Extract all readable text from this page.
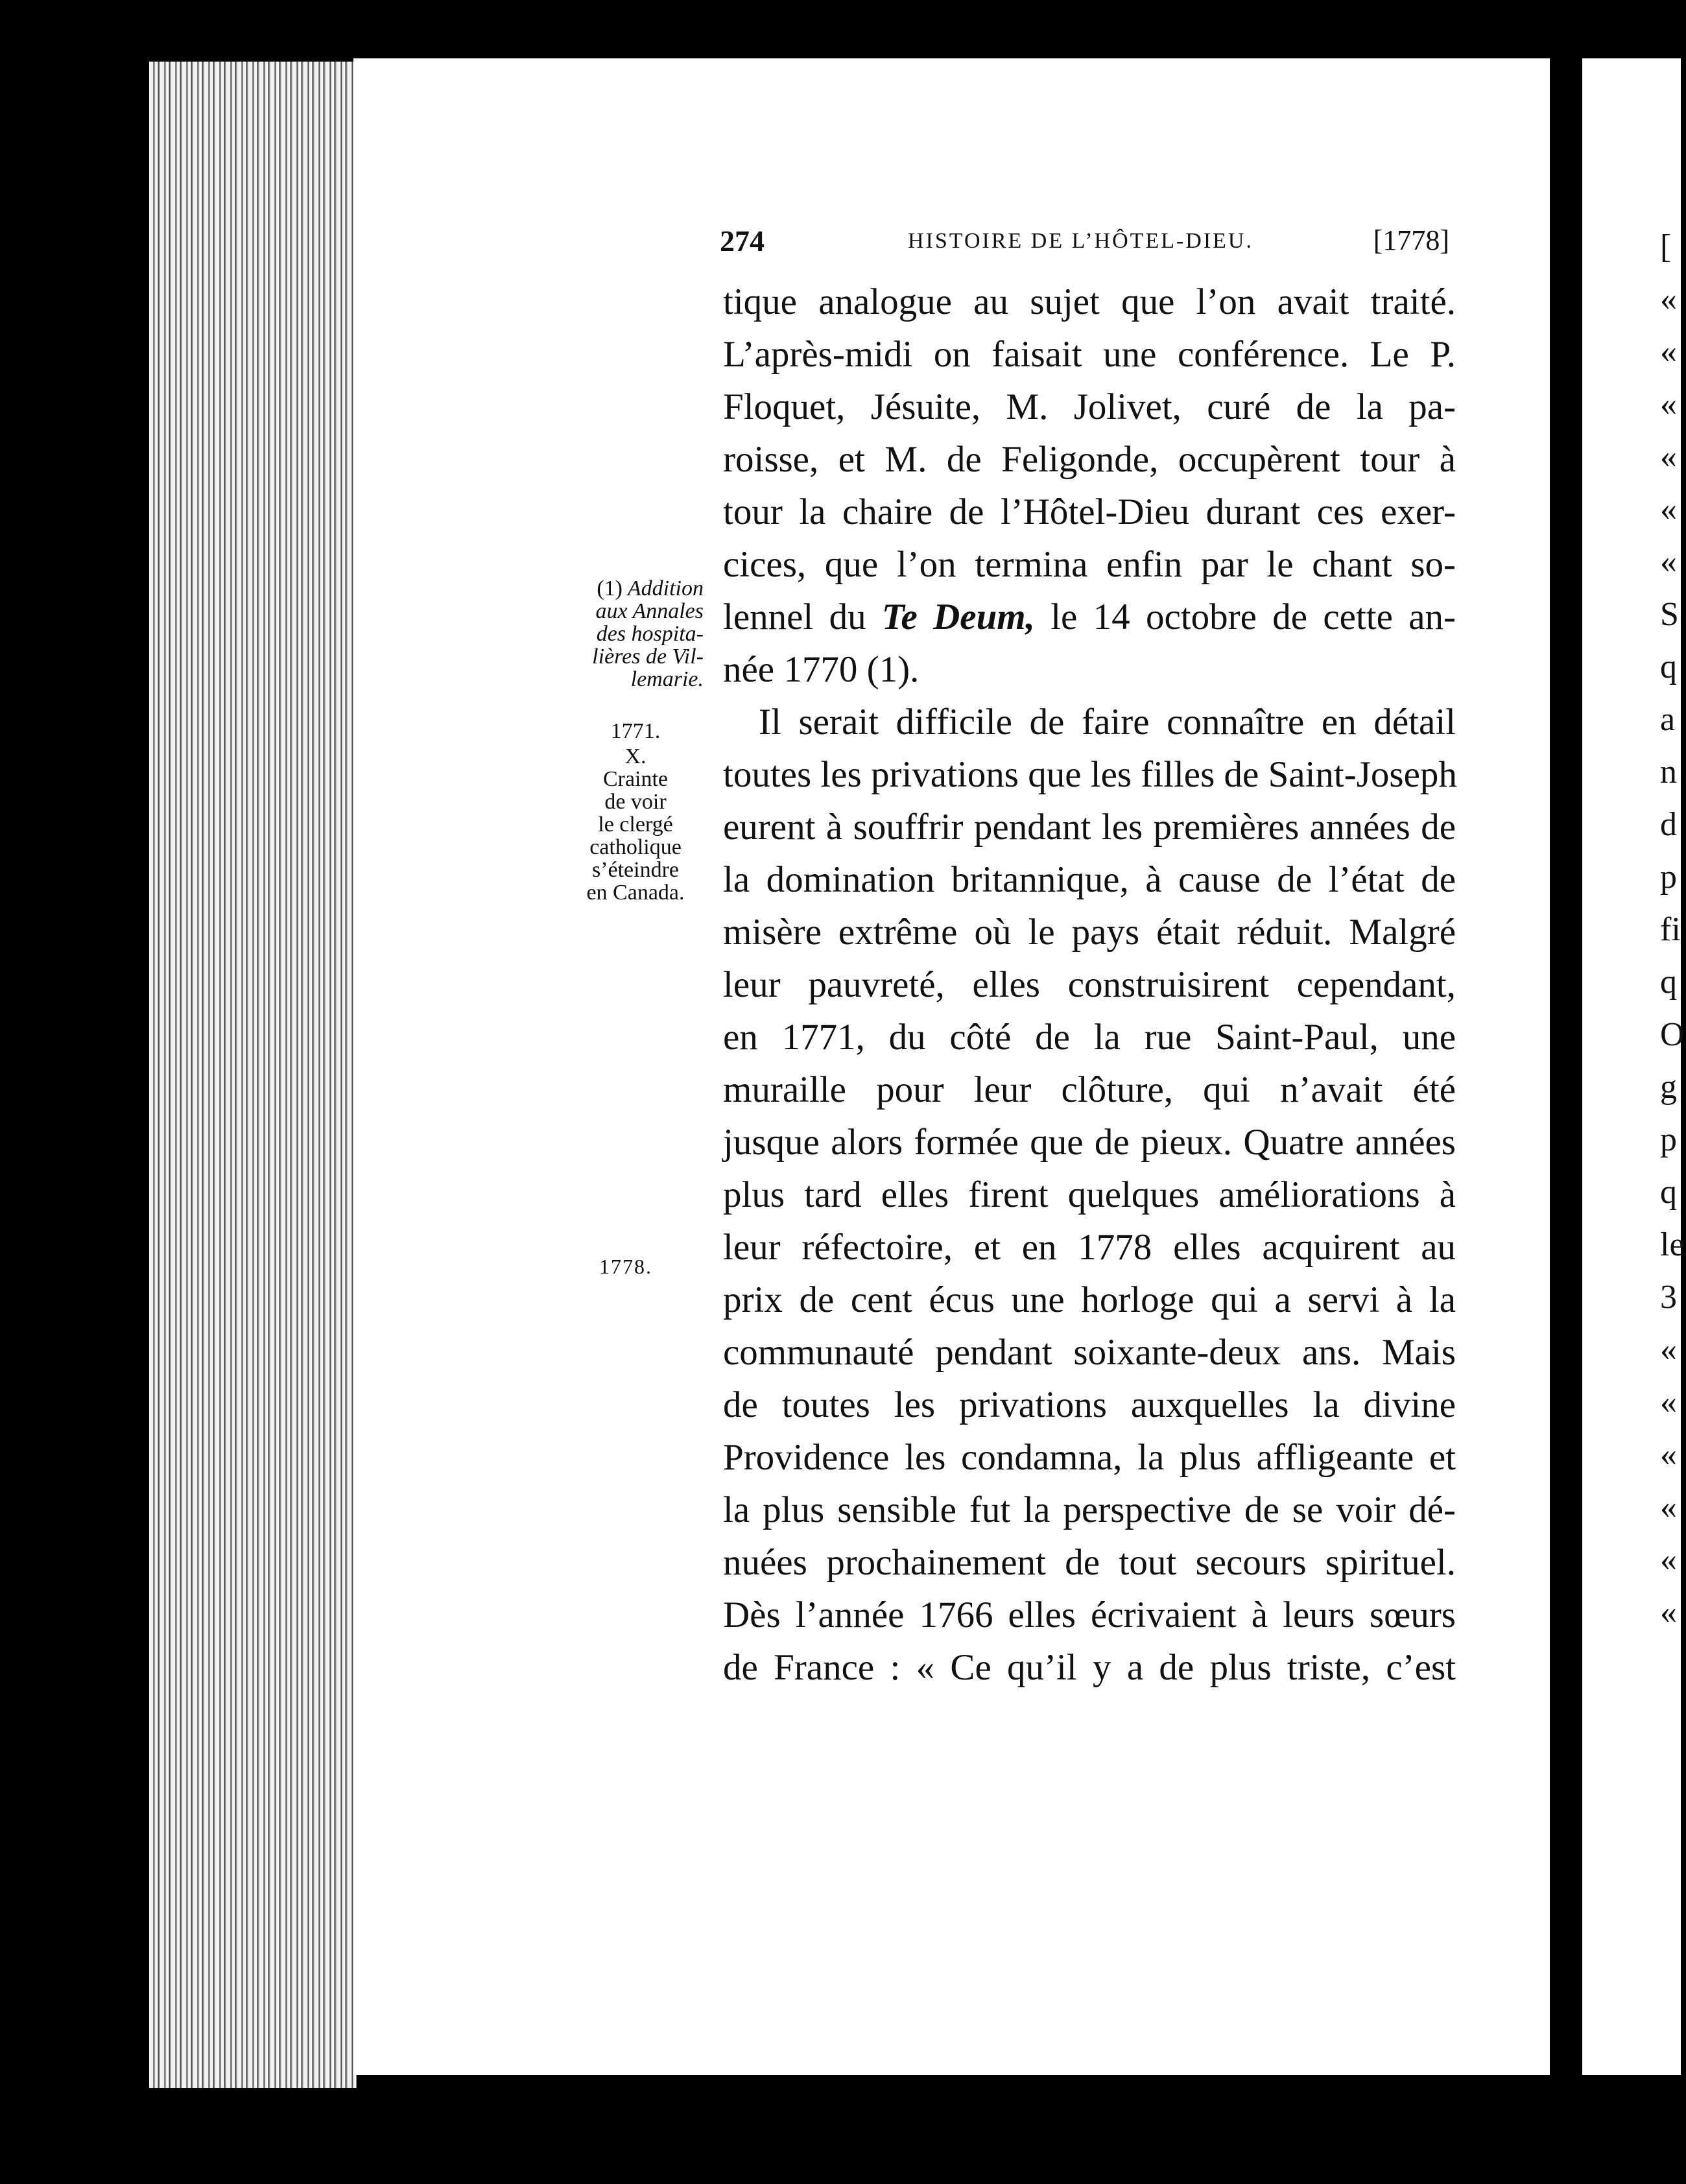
274	HISTOIRE DE L’HÔTEL-DIEU.	[1778]
tique analogue au sujet que l’on avait traité.
L’après-midi on faisait une conférence. Le P.
Floquet, Jésuite, M. Jolivet, curé de la pa-
roisse, et M. de Feligonde, occupèrent tour à
tour la chaire de l’Hôtel-Dieu durant ces exer-
cices, que l’on termina enfin par le chant so-
lennel du Te Deum, le 14 octobre de cette an-
née 1770 (1).
Il serait difficile de faire connaître en détail
toutes les privations que les filles de Saint-Joseph
eurent à souffrir pendant les premières années de
la domination britannique, à cause de l’état de
misère extrême où le pays était réduit. Malgré
leur pauvreté, elles construisirent cependant,
en 1771, du côté de la rue Saint-Paul, une
muraille pour leur clôture, qui n’avait été
jusque alors formée que de pieux. Quatre années
plus tard elles firent quelques améliorations à
leur réfectoire, et en 1778 elles acquirent au
prix de cent écus une horloge qui a servi à la
communauté pendant soixante-deux ans. Mais
de toutes les privations auxquelles la divine
Providence les condamna, la plus affligeante et
la plus sensible fut la perspective de se voir dé-
nuées prochainement de tout secours spirituel.
Dès l’année 1766 elles écrivaient à leurs sœurs
de France : « Ce qu’il y a de plus triste, c’est
(1) Addition
aux Annales
des hospita-
lières de Vil-
lemarie.
1771.
X.
Crainte
de voir
le clergé
catholique
s’éteindre
en Canada.
1778.
[
«
«
«
«
«
«
S
q
a
n
d
p
fi
q
O
g
p
q
le
3
«
«
«
«
«
«
